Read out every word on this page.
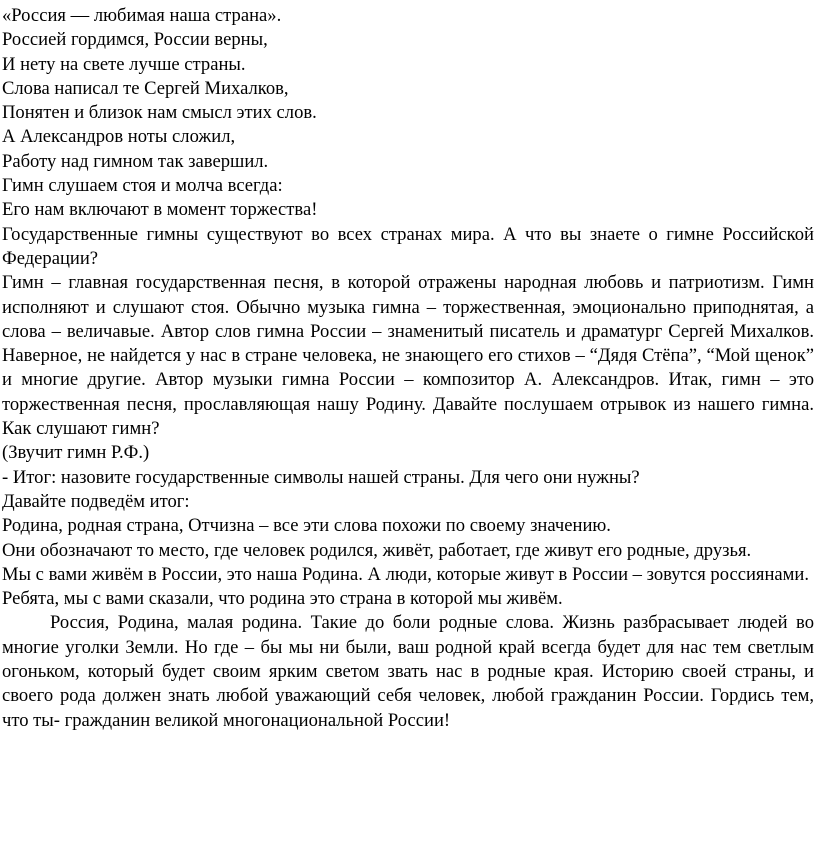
«Россия — любимая наша страна».
Россией гордимся, России верны,
И нету на свете лучше страны.
Слова написал те Сергей Михалков,
Понятен и близок нам смысл этих слов.
А Александров ноты сложил,
Работу над гимном так завершил.
Гимн слушаем стоя и молча всегда:
Его нам включают в момент торжества!

Государственные гимны существуют во всех странах мира. А что вы знаете о гимне Российской Федерации?

Гимн – главная государственная песня, в которой отражены народная любовь и патриотизм. Гимн исполняют и слушают стоя. Обычно музыка гимна – торжественная, эмоционально приподнятая, а слова – величавые. Автор слов гимна России – знаменитый писатель и драматург Сергей Михалков. Наверное, не найдется у нас в стране человека, не знающего его стихов – “Дядя Стёпа”, “Мой щенок” и многие другие. Автор музыки гимна России – композитор А. Александров. Итак, гимн – это торжественная песня, прославляющая нашу Родину. Давайте послушаем отрывок из нашего гимна. Как слушают гимн?

(Звучит гимн Р.Ф.)

- Итог: назовите государственные символы нашей страны. Для чего они нужны?

Давайте подведём итог:

Родина, родная страна, Отчизна – все эти слова похожи по своему значению.

Они обозначают то место, где человек родился, живёт, работает, где живут его родные, друзья.

Мы с вами живём в России, это наша Родина. А люди, которые живут в России – зовутся россиянами.

Ребята, мы с вами сказали, что родина это страна в которой мы живём.

Россия, Родина, малая родина. Такие до боли родные слова. Жизнь разбрасывает людей во многие уголки Земли. Но где – бы мы ни были, ваш родной край всегда будет для нас тем светлым огоньком, который будет своим ярким светом звать нас в родные края. Историю своей страны, и своего рода должен знать любой уважающий себя человек, любой гражданин России. Гордись тем, что ты- гражданин великой многонациональной России!
